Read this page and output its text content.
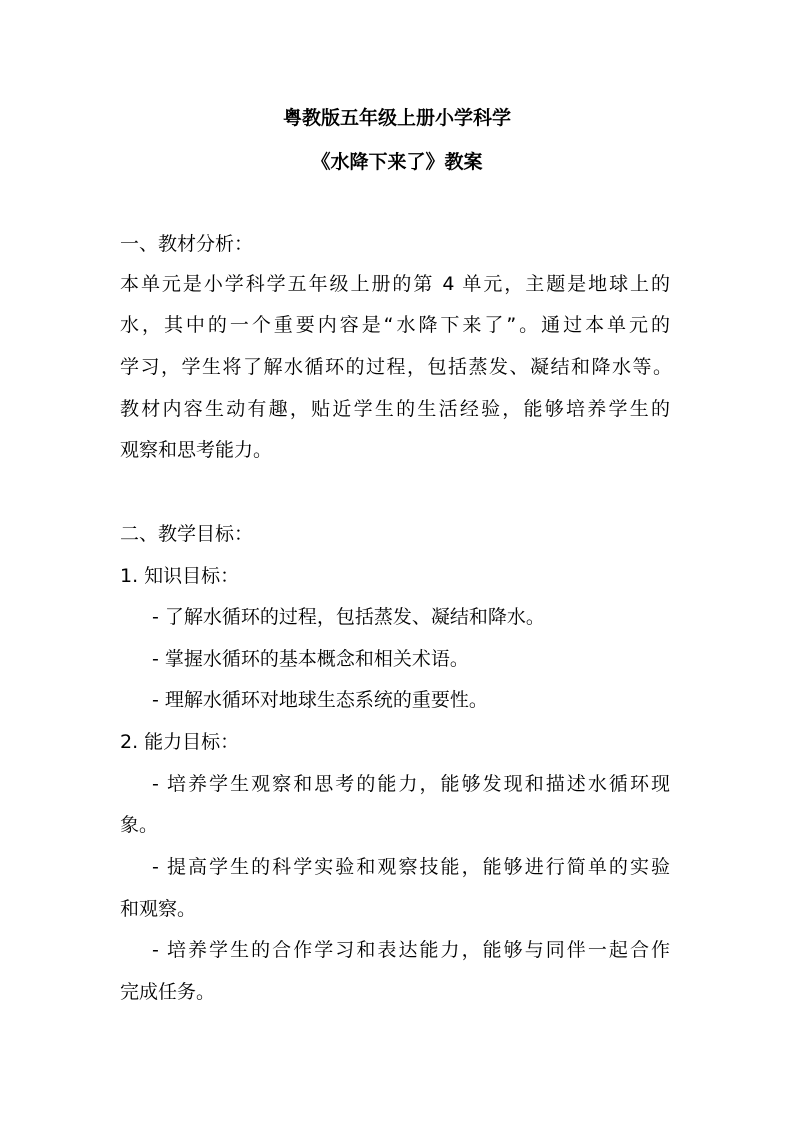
粤教版五年级上册小学科学
《水降下来了》教案
一、教材分析：
本单元是小学科学五年级上册的第 4 单元，主题是地球上的
水，其中的一个重要内容是“水降下来了”。通过本单元的
学习，学生将了解水循环的过程，包括蒸发、凝结和降水等。
教材内容生动有趣，贴近学生的生活经验，能够培养学生的
观察和思考能力。
二、教学目标：
1. 知识目标：
- 了解水循环的过程，包括蒸发、凝结和降水。
- 掌握水循环的基本概念和相关术语。
- 理解水循环对地球生态系统的重要性。
2. 能力目标：
- 培养学生观察和思考的能力，能够发现和描述水循环现
象。
- 提高学生的科学实验和观察技能，能够进行简单的实验
和观察。
- 培养学生的合作学习和表达能力，能够与同伴一起合作
完成任务。
